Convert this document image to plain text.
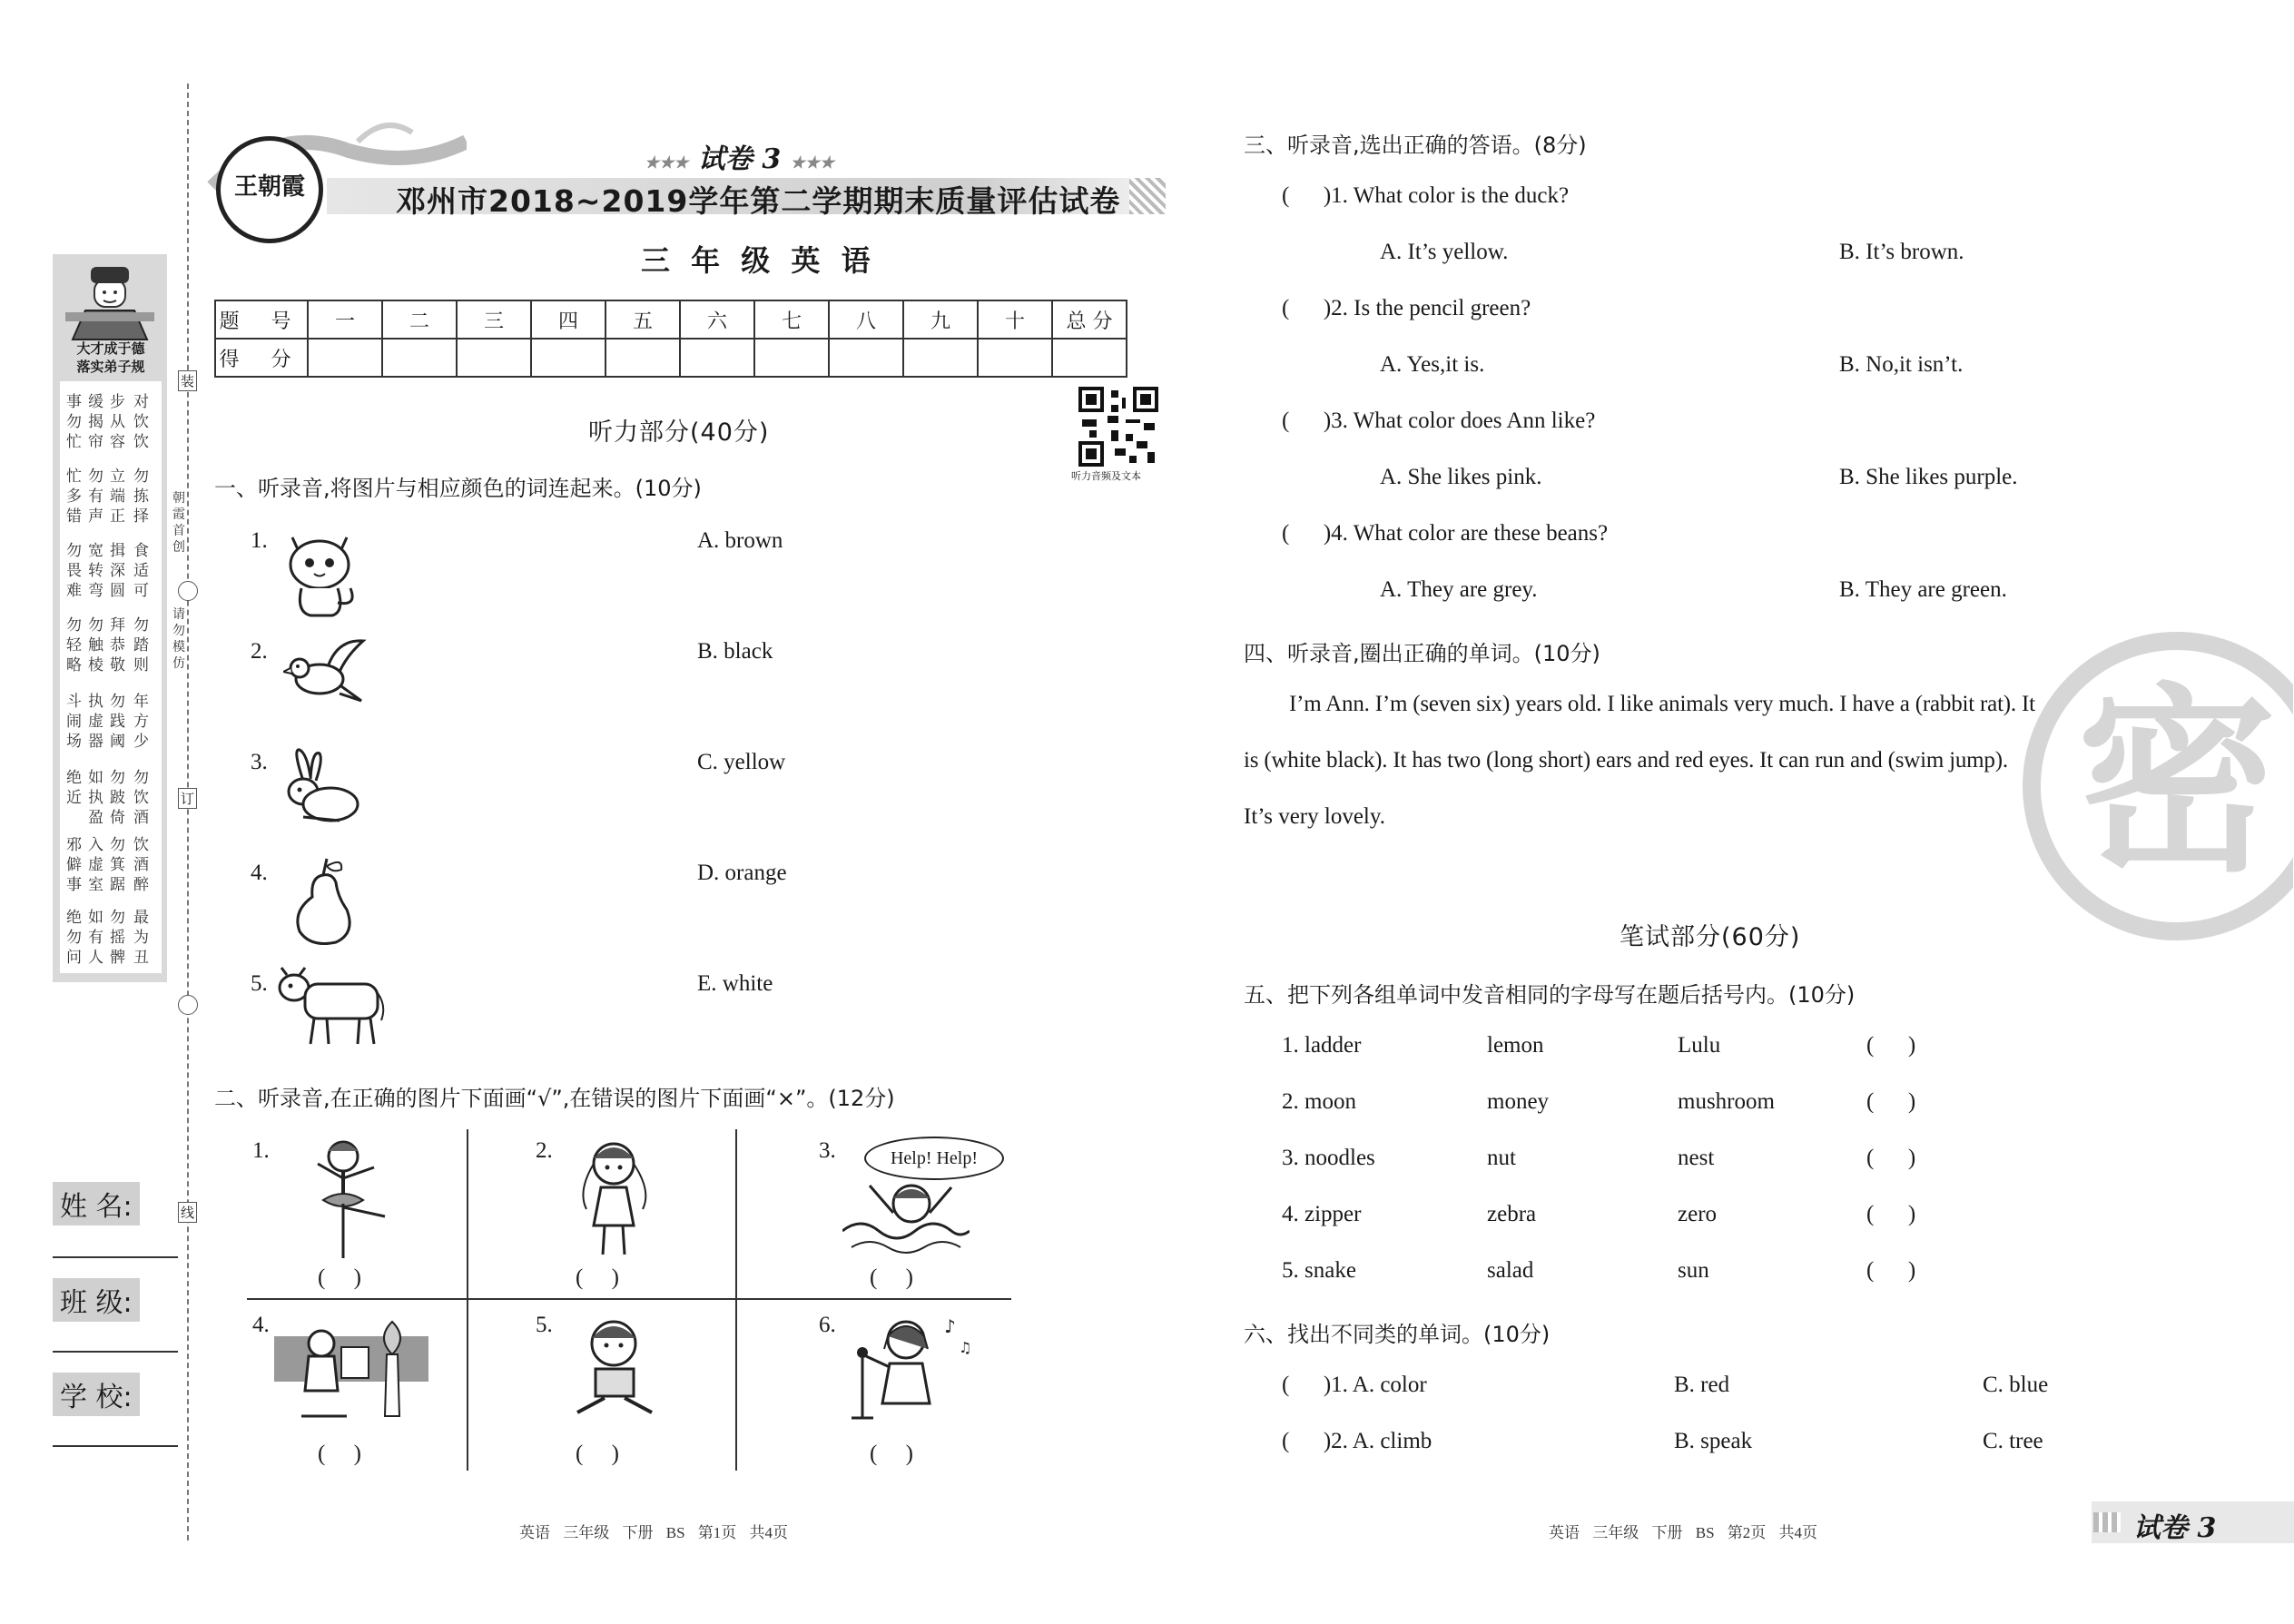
大才成于德
落实弟子规
事勿忙
缓揭帘
步从容
对饮饮
忙多错
勿有声
立端正
勿拣择
勿畏难
宽转弯
揖深圆
食适可
勿轻略
勿触棱
拜恭敬
勿踏则
斗闹场
执虚器
勿践阈
年方少
绝近
如执盈
勿跛倚
勿饮酒
邪僻事
入虚室
勿箕踞
饮酒醉
绝勿问
如有人
勿摇髀
最为丑
朝霞首创
请勿模仿
装
订
线
姓 名:
班 级:
学 校:
王朝霞
★★★ 试卷 3 ★★★
邓州市2018~2019学年第二学期期末质量评估试卷
三 年 级 英 语
题 号	一	二	三	四	五	六	七	八	九	十	总 分
得 分											
听力音频及文本
听力部分(40分)
一、听录音,将图片与相应颜色的词连起来。(10分)
1.	A. brown
2.	B. black
3.	C. yellow
4.	D. orange
5.	E. white
二、听录音,在正确的图片下面画“√”,在错误的图片下面画“×”。(12分)
1.
(     )
2.
(     )
3.
(     )
4.
(     )
5.
(     )
6.
(     )
Help! Help!
♪
♫
英语 三年级 下册 BS 第1页 共4页	英语 三年级 下册 BS 第2页 共4页	试卷 3
密
三、听录音,选出正确的答语。(8分)
(      )1. What color is the duck?
A. It’s yellow.	B. It’s brown.
(      )2. Is the pencil green?
A. Yes,it is.	B. No,it isn’t.
(      )3. What color does Ann like?
A. She likes pink.	B. She likes purple.
(      )4. What color are these beans?
A. They are grey.	B. They are green.
四、听录音,圈出正确的单词。(10分)
I’m Ann. I’m (seven six) years old. I like animals very much. I have a (rabbit rat). It
is (white black). It has two (long short) ears and red eyes. It can run and (swim jump).
It’s very lovely.
笔试部分(60分)
五、把下列各组单词中发音相同的字母写在题后括号内。(10分)
1. ladder	lemon	Lulu	(      )
2. moon	money	mushroom	(      )
3. noodles	nut	nest	(      )
4. zipper	zebra	zero	(      )
5. snake	salad	sun	(      )
六、找出不同类的单词。(10分)
(      )1. A. color	B. red	C. blue
(      )2. A. climb	B. speak	C. tree
